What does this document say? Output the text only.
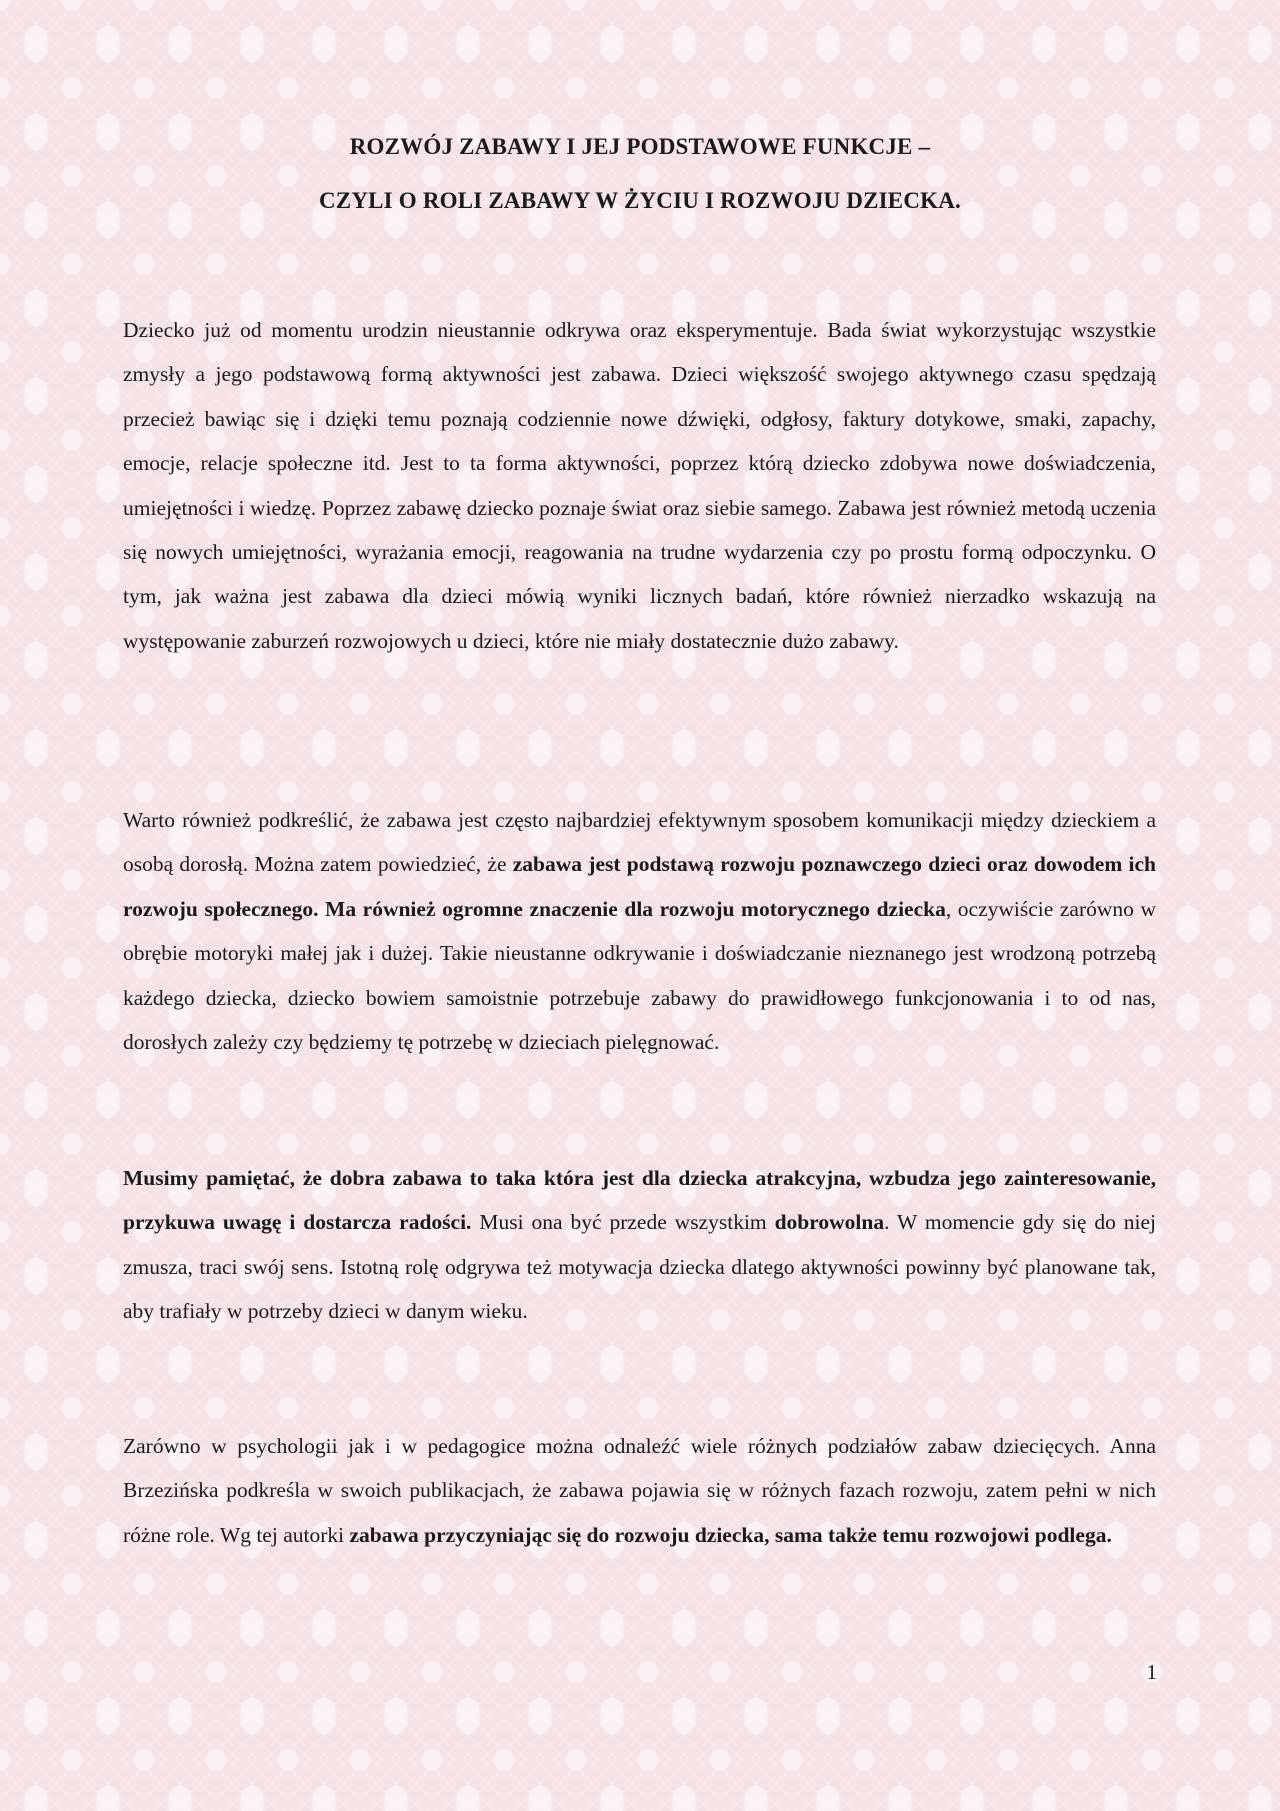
ROZWÓJ ZABAWY I JEJ PODSTAWOWE FUNKCJE –
CZYLI O ROLI ZABAWY W ŻYCIU I ROZWOJU DZIECKA.

Dziecko już od momentu urodzin nieustannie odkrywa oraz eksperymentuje. Bada świat wykorzystując wszystkie zmysły a jego podstawową formą aktywności jest zabawa. Dzieci większość swojego aktywnego czasu spędzają przecież bawiąc się i dzięki temu poznają codziennie nowe dźwięki, odgłosy, faktury dotykowe, smaki, zapachy, emocje, relacje społeczne itd. Jest to ta forma aktywności, poprzez którą dziecko zdobywa nowe doświadczenia, umiejętności i wiedzę. Poprzez zabawę dziecko poznaje świat oraz siebie samego. Zabawa jest również metodą uczenia się nowych umiejętności, wyrażania emocji, reagowania na trudne wydarzenia czy po prostu formą odpoczynku. O tym, jak ważna jest zabawa dla dzieci mówią wyniki licznych badań, które również nierzadko wskazują na występowanie zaburzeń rozwojowych u dzieci, które nie miały dostatecznie dużo zabawy.

Warto również podkreślić, że zabawa jest często najbardziej efektywnym sposobem komunikacji między dzieckiem a osobą dorosłą. Można zatem powiedzieć, że zabawa jest podstawą rozwoju poznawczego dzieci oraz dowodem ich rozwoju społecznego. Ma również ogromne znaczenie dla rozwoju motorycznego dziecka, oczywiście zarówno w obrębie motoryki małej jak i dużej. Takie nieustanne odkrywanie i doświadczanie nieznanego jest wrodzoną potrzebą każdego dziecka, dziecko bowiem samoistnie potrzebuje zabawy do prawidłowego funkcjonowania i to od nas, dorosłych zależy czy będziemy tę potrzebę w dzieciach pielęgnować.

Musimy pamiętać, że dobra zabawa to taka która jest dla dziecka atrakcyjna, wzbudza jego zainteresowanie, przykuwa uwagę i dostarcza radości. Musi ona być przede wszystkim dobrowolna. W momencie gdy się do niej zmusza, traci swój sens. Istotną rolę odgrywa też motywacja dziecka dlatego aktywności powinny być planowane tak, aby trafiały w potrzeby dzieci w danym wieku.

Zarówno w psychologii jak i w pedagogice można odnaleźć wiele różnych podziałów zabaw dziecięcych. Anna Brzezińska podkreśla w swoich publikacjach, że zabawa pojawia się w różnych fazach rozwoju, zatem pełni w nich różne role. Wg tej autorki zabawa przyczyniając się do rozwoju dziecka, sama także temu rozwojowi podlega.

1
